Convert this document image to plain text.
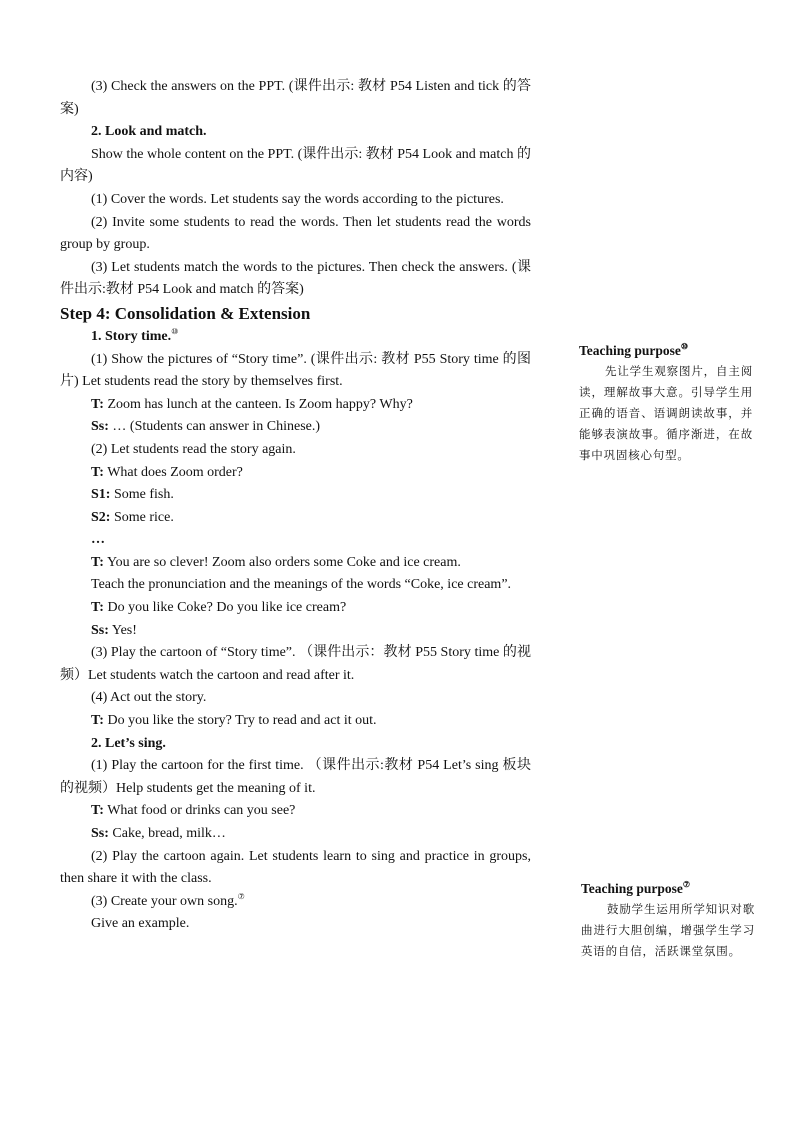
(3) Check the answers on the PPT. (课件出示: 教材 P54 Listen and tick 的答案)

2. Look and match.

Show the whole content on the PPT. (课件出示: 教材 P54 Look and match 的内容)

(1) Cover the words. Let students say the words according to the pictures.

(2) Invite some students to read the words. Then let students read the words group by group.

(3) Let students match the words to the pictures. Then check the answers. (课件出示:教材 P54 Look and match 的答案)

Step 4: Consolidation & Extension

1. Story time.⑩

(1) Show the pictures of “Story time”. (课件出示: 教材 P55 Story time 的图片) Let students read the story by themselves first.

T: Zoom has lunch at the canteen. Is Zoom happy? Why?

Ss: … (Students can answer in Chinese.)

(2) Let students read the story again.

T: What does Zoom order?

S1: Some fish.

S2: Some rice.

…

T: You are so clever! Zoom also orders some Coke and ice cream.

Teach the pronunciation and the meanings of the words “Coke, ice cream”.

T: Do you like Coke? Do you like ice cream?

Ss: Yes!

(3) Play the cartoon of “Story time”. （课件出示：教材 P55 Story time 的视频）Let students watch the cartoon and read after it.

(4) Act out the story.

T: Do you like the story? Try to read and act it out.

2. Let’s sing.

(1) Play the cartoon for the first time. （课件出示:教材 P54 Let’s sing 板块的视频）Help students get the meaning of it.

T: What food or drinks can you see?

Ss: Cake, bread, milk…

(2) Play the cartoon again. Let students learn to sing and practice in groups, then share it with the class.

(3) Create your own song.⑦

Give an example.

Teaching purpose⑩

先让学生观察图片，自主阅读，理解故事大意。引导学生用正确的语音、语调朗读故事，并能够表演故事。循序渐进，在故事中巩固核心句型。

Teaching purpose⑦

鼓励学生运用所学知识对歌曲进行大胆创编，增强学生学习英语的自信，活跃课堂氛围。
